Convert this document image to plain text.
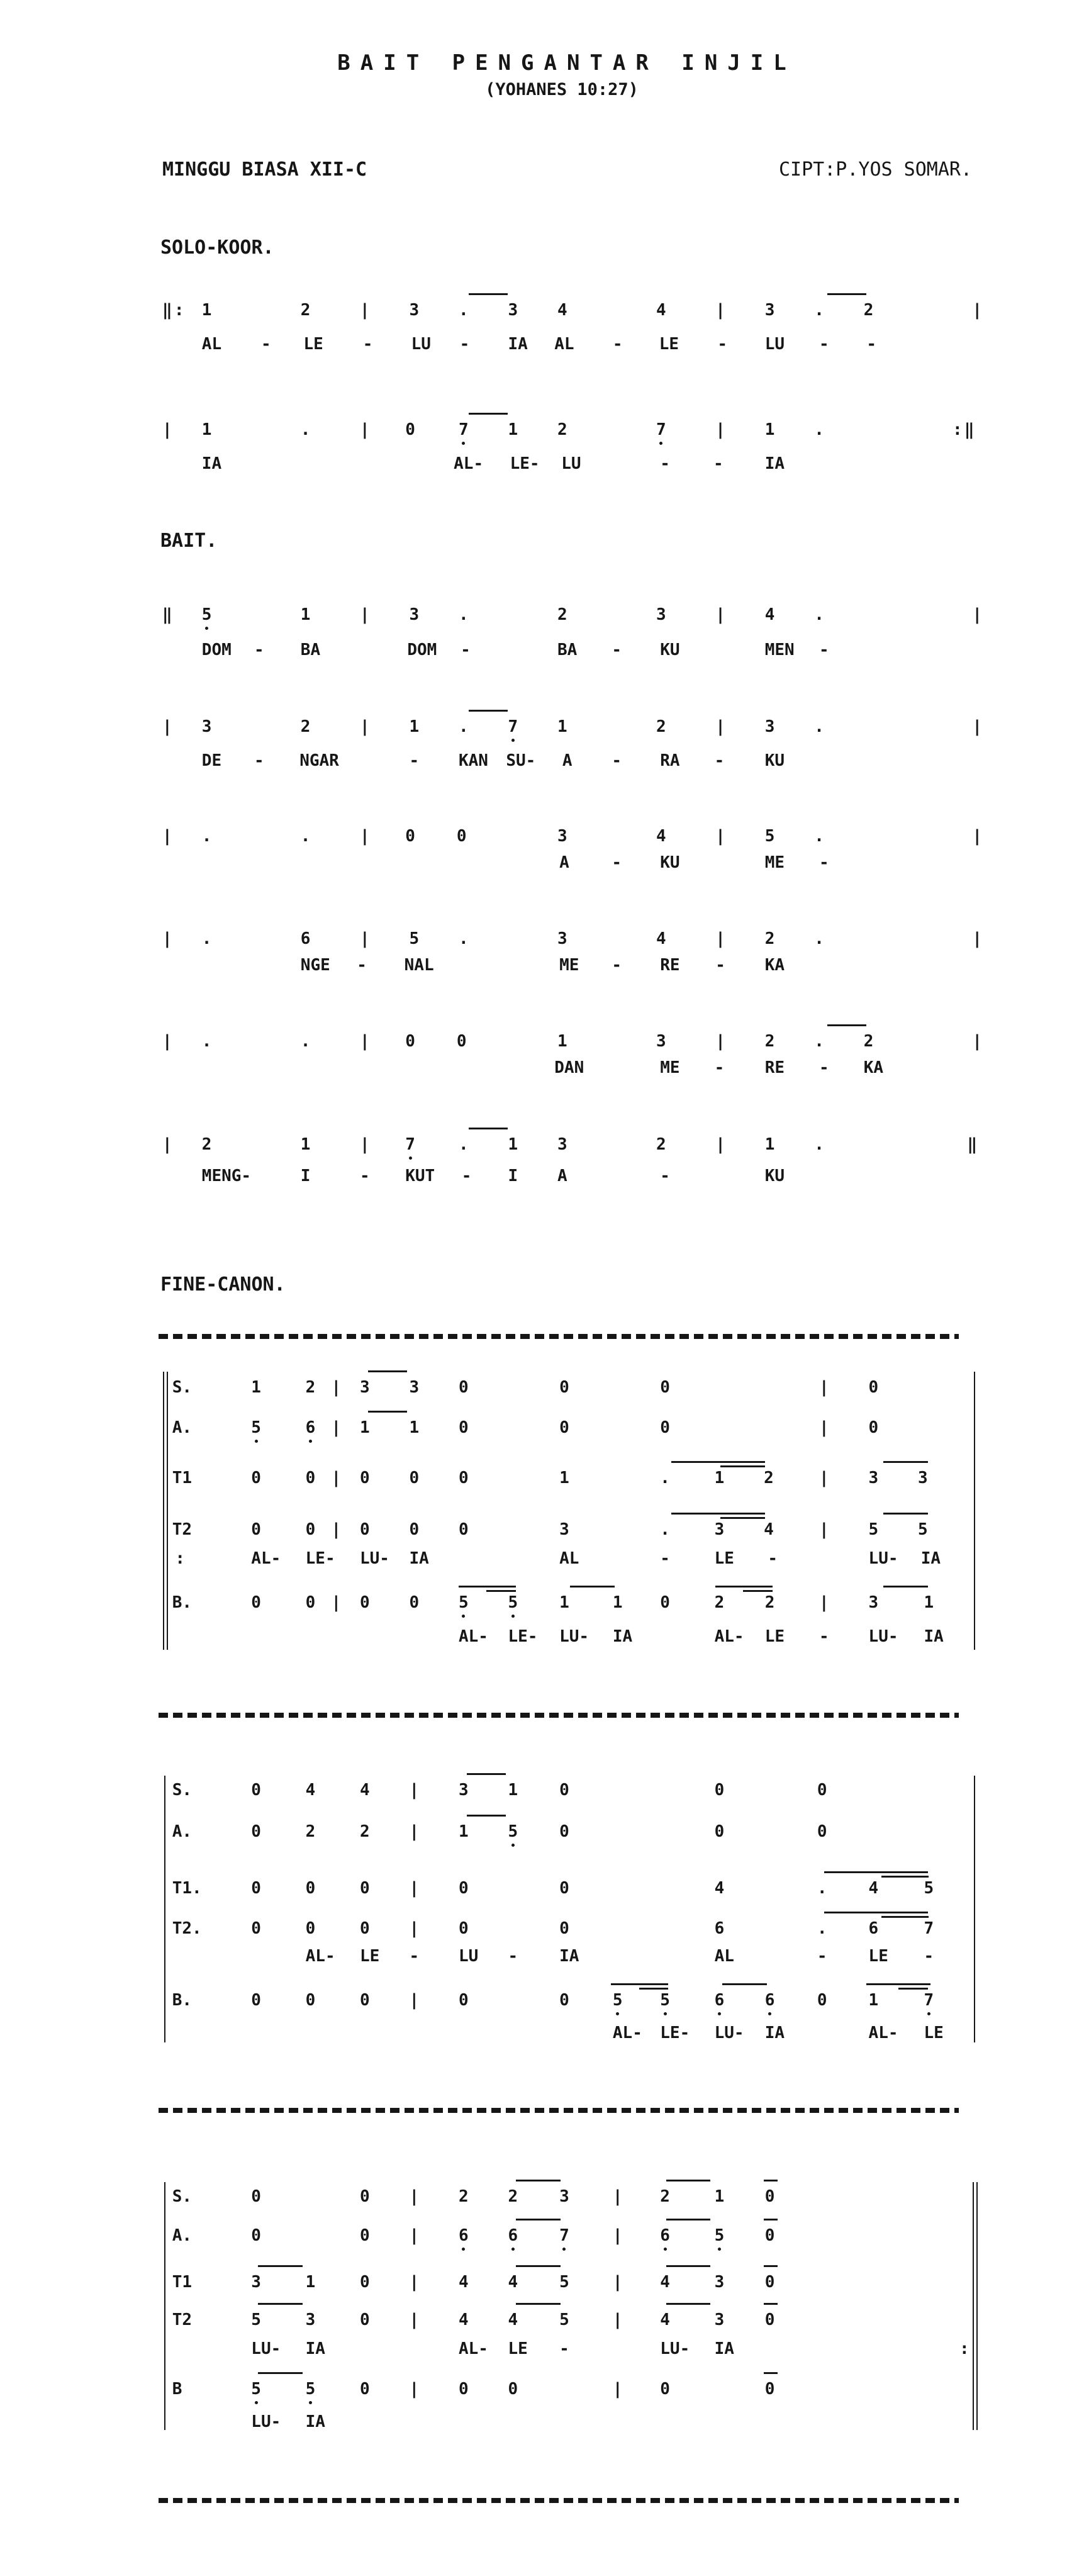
BAIT PENGANTAR INJIL
(YOHANES 10:27)
MINGGU BIASA XII-C	CIPT:P.YOS SOMAR.
SOLO-KOOR.
‖ : 1	2	| 3 . 3 4	4	| 3 . 2	|
AL - LE - LU - IA AL - LE - LU - -
| 1	.	| 0	7 1 2	7	| 1 .	: ‖
IA	AL- LE- LU	-	-	IA
BAIT.
‖ 5	1	| 3 .	2	3	| 4 .	|
DOM - BA	DOM -	BA - KU	MEN -
| 3	2	| 1 . 7 1	2	| 3 .	|
DE - NGAR	- KAN SU- A - RA - KU
| .	.	| 0	0	3	4	| 5 .	|
A	- KU	ME -
| .	6	| 5 .	3	4	| 2 .	|
NGE - NAL	ME - RE - KA
| .	.	| 0	0	1	3	| 2 . 2	|
DAN	ME - RE - KA
| 2	1	| 7	. 1 3	2	| 1 .	‖
MENG-	I	- KUT - I A	-	KU
FINE-CANON.
S.	1	2 | 3 3 0	0	0	| 0
A.	5	6 | 1 1 0	0	0	| 0
T1	0	0 | 0 0 0	1	.	1 2	| 3 3
T2	0	0 | 0 0 0	3	.	3 4	| 5 5
:	AL- LE- LU- IA	AL	-	LE -	LU- IA
B.	0	0 | 0 0 5 5	1	1 0	2 2	| 3	1
AL- LE- LU- IA	AL- LE - LU- IA
S.	0	4	4 | 3 1	0	0	0
A.	0	2	2 | 1 5	0	0	0
T1.	0	0	0 | 0	0	4	.	4	5
T2.	0	0	0 | 0	0	6	.	6	7
AL- LE - LU -	IA	AL	-	LE -
B.	0	0	0 | 0	0	5 5	6 6	0	1	7
AL- LE- LU- IA	AL- LE
S.	0	0 | 2 2	3	| 2	1 0
A.	0	0 | 6 6	7	| 6	5 0
T1	3	1	0 | 4 4	5	| 4	3 0
T2	5	3	0 | 4 4	5	| 4	3 0
LU- IA	AL- LE -	LU- IA	:
B	5	5	0 | 0 0	| 0	0
LU- IA
